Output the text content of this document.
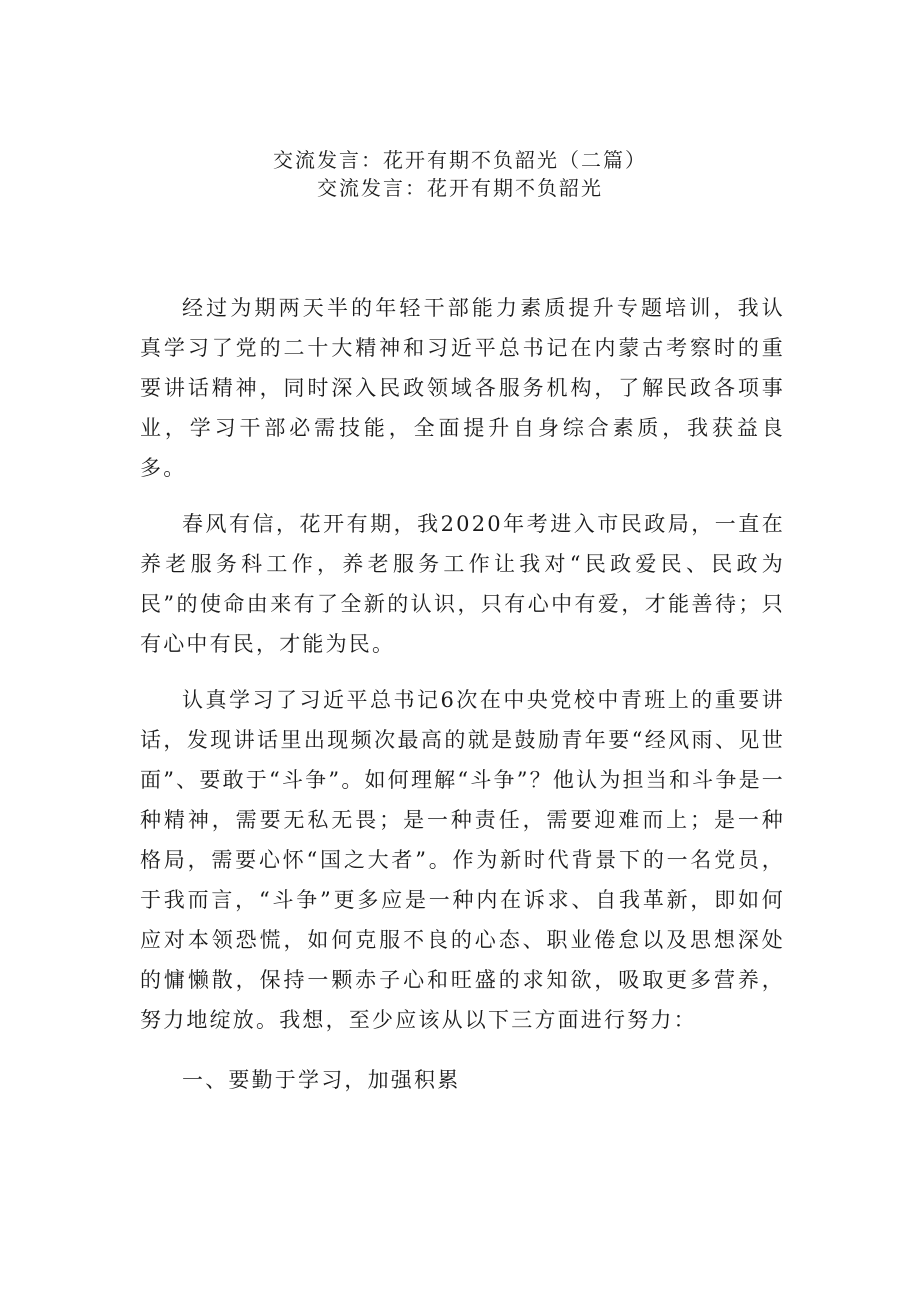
交流发言：花开有期不负韶光（二篇）
交流发言：花开有期不负韶光

经过为期两天半的年轻干部能力素质提升专题培训，我认真学习了党的二十大精神和习近平总书记在内蒙古考察时的重要讲话精神，同时深入民政领域各服务机构，了解民政各项事业，学习干部必需技能，全面提升自身综合素质，我获益良多。

春风有信，花开有期，我2020年考进入市民政局，一直在养老服务科工作，养老服务工作让我对“民政爱民、民政为民”的使命由来有了全新的认识，只有心中有爱，才能善待；只有心中有民，才能为民。

认真学习了习近平总书记6次在中央党校中青班上的重要讲话，发现讲话里出现频次最高的就是鼓励青年要“经风雨、见世面”、要敢于“斗争”。如何理解“斗争”？他认为担当和斗争是一种精神，需要无私无畏；是一种责任，需要迎难而上；是一种格局，需要心怀“国之大者”。作为新时代背景下的一名党员，于我而言，“斗争”更多应是一种内在诉求、自我革新，即如何应对本领恐慌，如何克服不良的心态、职业倦怠以及思想深处的慵懒散，保持一颗赤子心和旺盛的求知欲，吸取更多营养，努力地绽放。我想，至少应该从以下三方面进行努力：

一、要勤于学习，加强积累
